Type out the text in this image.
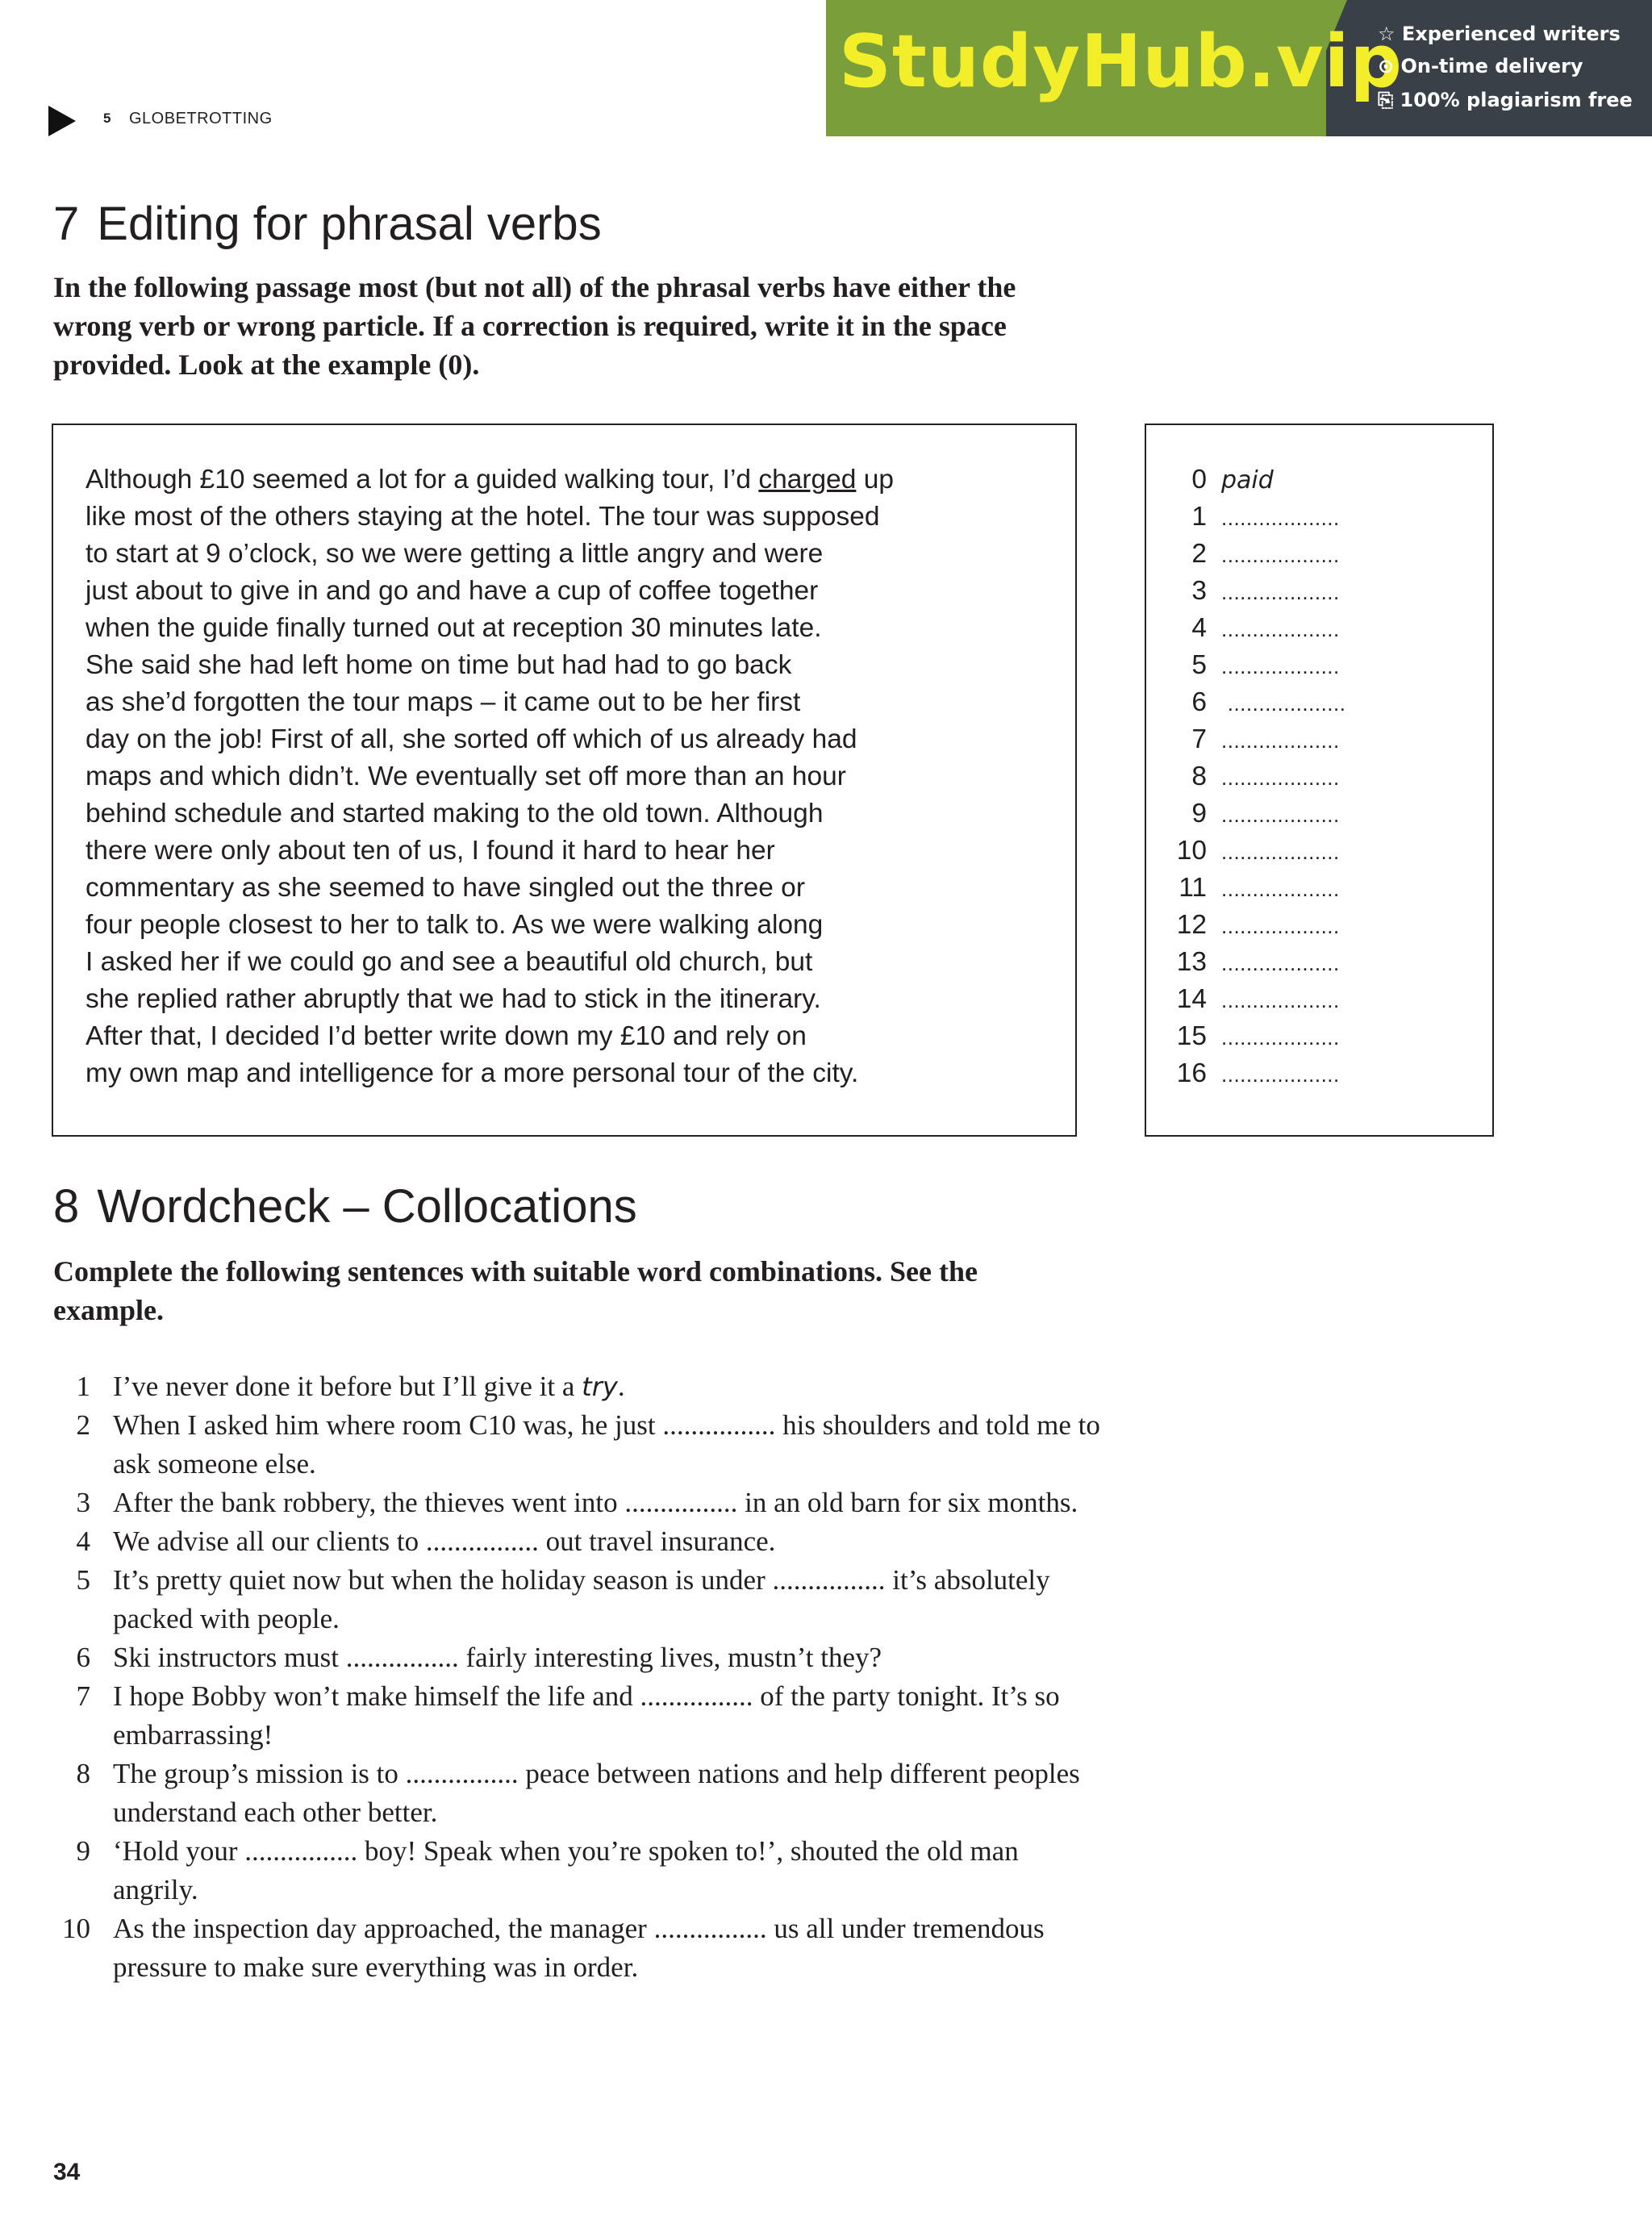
5 GLOBETROTTING
StudyHub.vip
☆ Experienced writers
⊙ On-time delivery
⎘ 100% plagiarism free
7 Editing for phrasal verbs
In the following passage most (but not all) of the phrasal verbs have either the wrong verb or wrong particle. If a correction is required, write it in the space provided. Look at the example (0).
Although £10 seemed a lot for a guided walking tour, I’d charged up
like most of the others staying at the hotel. The tour was supposed
to start at 9 o’clock, so we were getting a little angry and were
just about to give in and go and have a cup of coffee together
when the guide finally turned out at reception 30 minutes late.
She said she had left home on time but had had to go back
as she’d forgotten the tour maps – it came out to be her first
day on the job! First of all, she sorted off which of us already had
maps and which didn’t. We eventually set off more than an hour
behind schedule and started making to the old town. Although
there were only about ten of us, I found it hard to hear her
commentary as she seemed to have singled out the three or
four people closest to her to talk to. As we were walking along
I asked her if we could go and see a beautiful old church, but
she replied rather abruptly that we had to stick in the itinerary.
After that, I decided I’d better write down my £10 and rely on
my own map and intelligence for a more personal tour of the city.
0 paid
1 ...................
2 ...................
3 ...................
4 ...................
5 ...................
6 ...................
7 ...................
8 ...................
9 ...................
10 ...................
11 ...................
12 ...................
13 ...................
14 ...................
15 ...................
16 ...................
8 Wordcheck – Collocations
Complete the following sentences with suitable word combinations. See the example.
1 I’ve never done it before but I’ll give it a try.
2 When I asked him where room C10 was, he just ................ his shoulders and told me to ask someone else.
3 After the bank robbery, the thieves went into ................ in an old barn for six months.
4 We advise all our clients to ................ out travel insurance.
5 It’s pretty quiet now but when the holiday season is under ................ it’s absolutely packed with people.
6 Ski instructors must ................ fairly interesting lives, mustn’t they?
7 I hope Bobby won’t make himself the life and ................ of the party tonight. It’s so embarrassing!
8 The group’s mission is to ................ peace between nations and help different peoples understand each other better.
9 ‘Hold your ................ boy! Speak when you’re spoken to!’, shouted the old man angrily.
10 As the inspection day approached, the manager ................ us all under tremendous pressure to make sure everything was in order.
34
